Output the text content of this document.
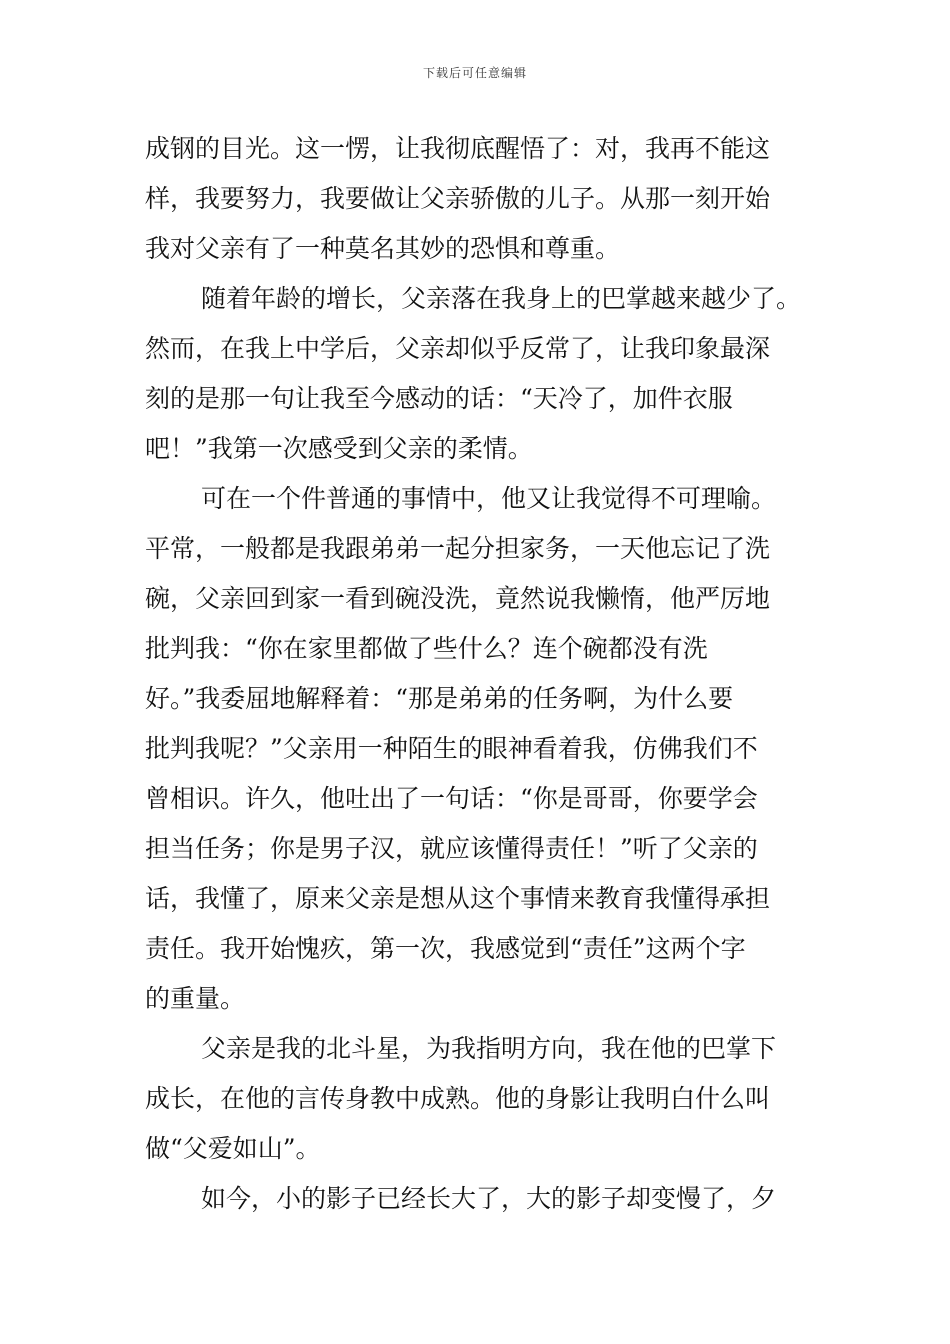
下载后可任意编辑
成钢的目光。这一愣，让我彻底醒悟了：对，我再不能这
样，我要努力，我要做让父亲骄傲的儿子。从那一刻开始
我对父亲有了一种莫名其妙的恐惧和尊重。
随着年龄的增长，父亲落在我身上的巴掌越来越少了。
然而，在我上中学后，父亲却似乎反常了，让我印象最深
刻的是那一句让我至今感动的话：“天冷了，加件衣服
吧！”我第一次感受到父亲的柔情。
可在一个件普通的事情中，他又让我觉得不可理喻。
平常，一般都是我跟弟弟一起分担家务，一天他忘记了洗
碗，父亲回到家一看到碗没洗，竟然说我懒惰，他严厉地
批判我：“你在家里都做了些什么？连个碗都没有洗
好。”我委屈地解释着：“那是弟弟的任务啊，为什么要
批判我呢？”父亲用一种陌生的眼神看着我，仿佛我们不
曾相识。许久，他吐出了一句话：“你是哥哥，你要学会
担当任务；你是男子汉，就应该懂得责任！”听了父亲的
话，我懂了，原来父亲是想从这个事情来教育我懂得承担
责任。我开始愧疚，第一次，我感觉到“责任”这两个字
的重量。
父亲是我的北斗星，为我指明方向，我在他的巴掌下
成长，在他的言传身教中成熟。他的身影让我明白什么叫
做“父爱如山”。
如今，小的影子已经长大了，大的影子却变慢了，夕
